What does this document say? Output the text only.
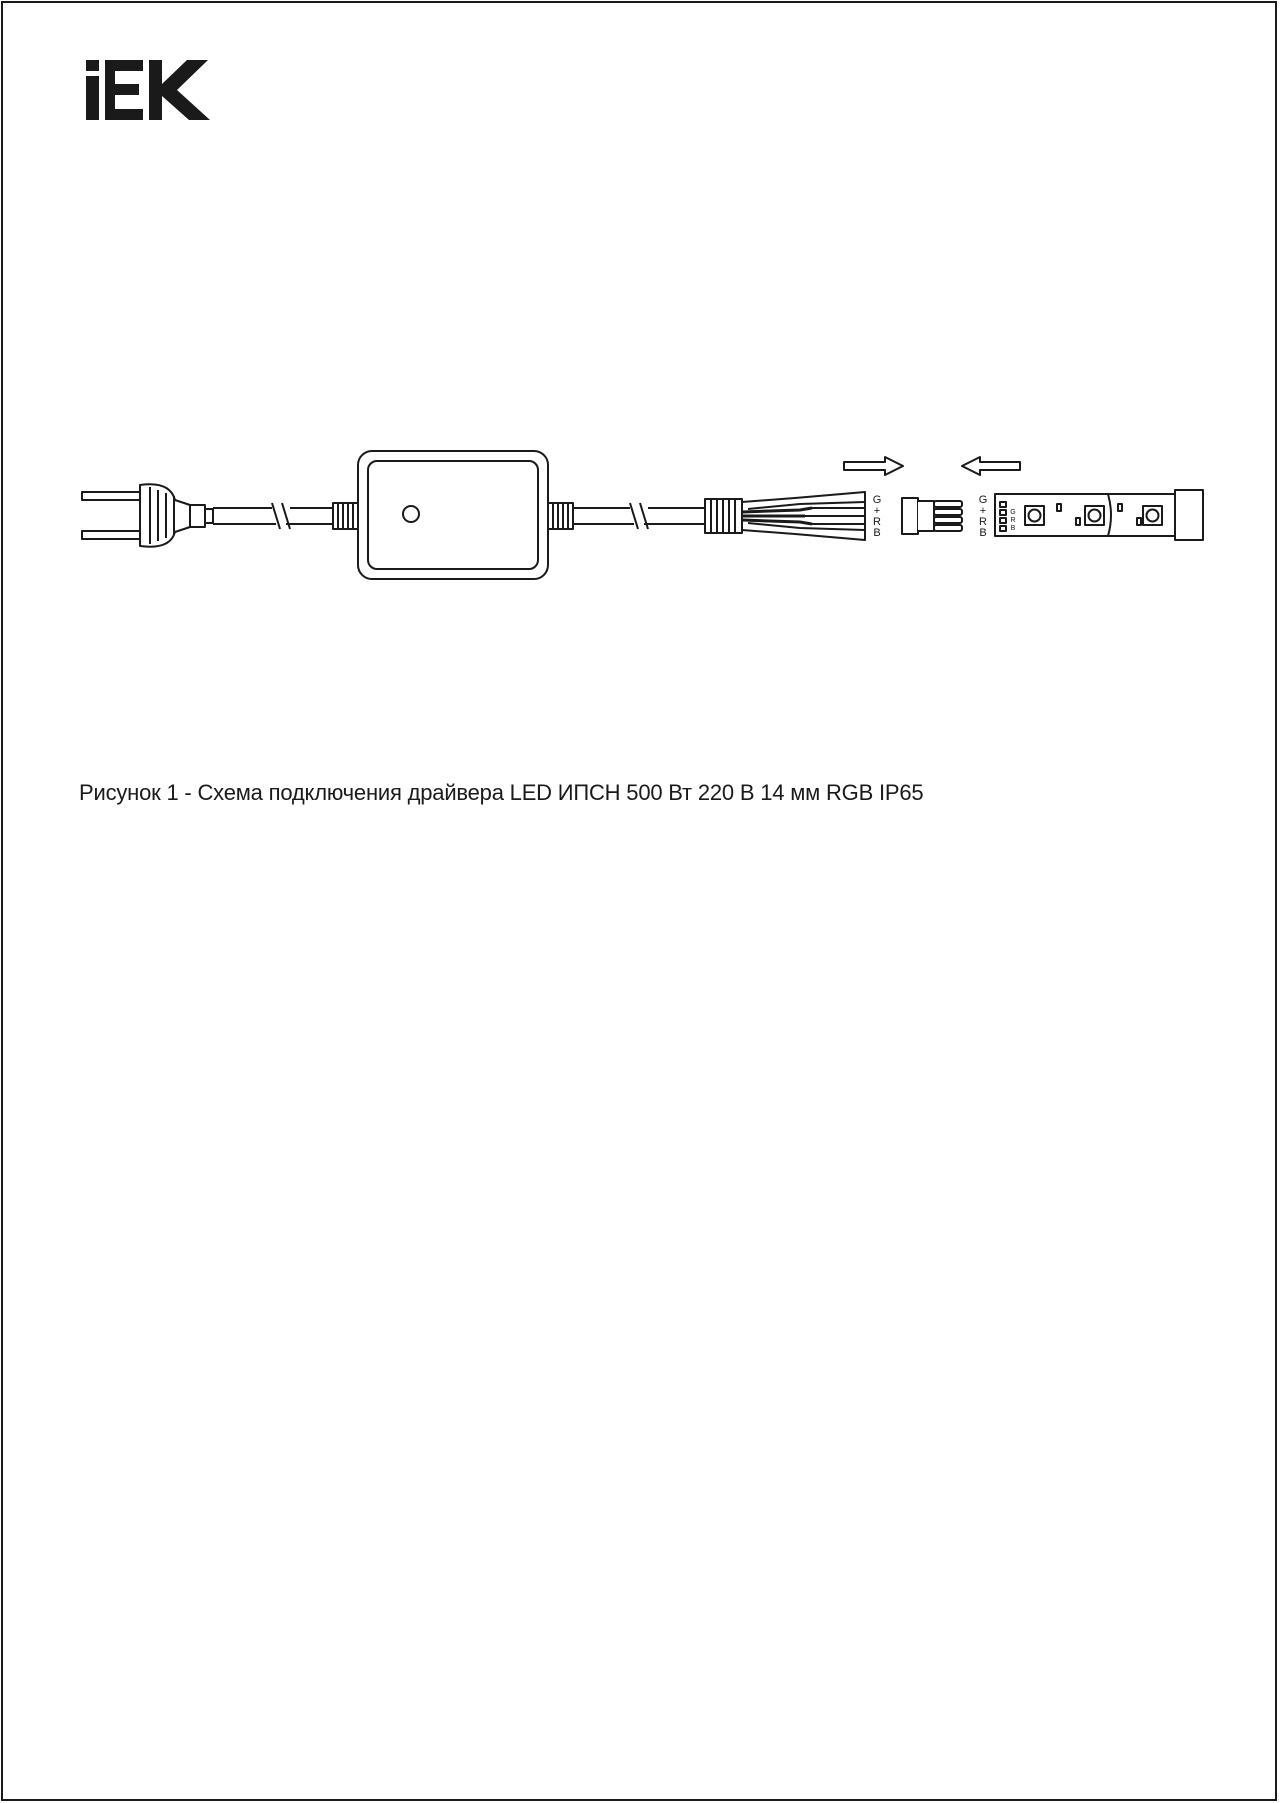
G
+
R
B
G
+
R
B
G
R
B
Рисунок 1 - Схема подключения драйвера LED ИПСН 500 Вт 220 В 14 мм RGB IP65
